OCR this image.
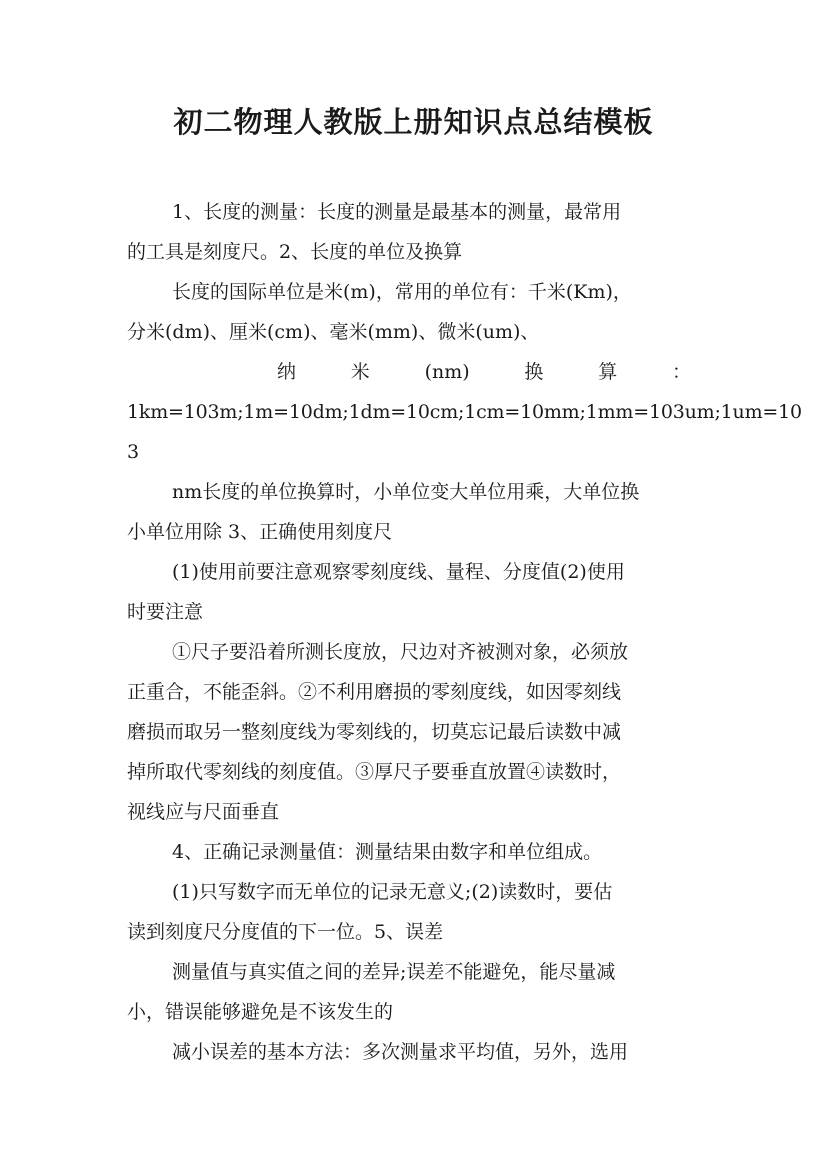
初二物理人教版上册知识点总结模板
1、长度的测量：长度的测量是最基本的测量，最常用
的工具是刻度尺。2、长度的单位及换算
长度的国际单位是米(m)，常用的单位有：千米(Km)，
分米(dm)、厘米(cm)、毫米(mm)、微米(um)、
纳	米	(nm)	换	算	：
1km=103m;1m=10dm;1dm=10cm;1cm=10mm;1mm=103um;1um=10
3
nm长度的单位换算时，小单位变大单位用乘，大单位换
小单位用除 3、正确使用刻度尺
(1)使用前要注意观察零刻度线、量程、分度值(2)使用
时要注意
①尺子要沿着所测长度放，尺边对齐被测对象，必须放
正重合，不能歪斜。②不利用磨损的零刻度线，如因零刻线
磨损而取另一整刻度线为零刻线的，切莫忘记最后读数中减
掉所取代零刻线的刻度值。③厚尺子要垂直放置④读数时，
视线应与尺面垂直
4、正确记录测量值：测量结果由数字和单位组成。
(1)只写数字而无单位的记录无意义;(2)读数时，要估
读到刻度尺分度值的下一位。5、误差
测量值与真实值之间的差异;误差不能避免，能尽量减
小，错误能够避免是不该发生的
减小误差的基本方法：多次测量求平均值，另外，选用
